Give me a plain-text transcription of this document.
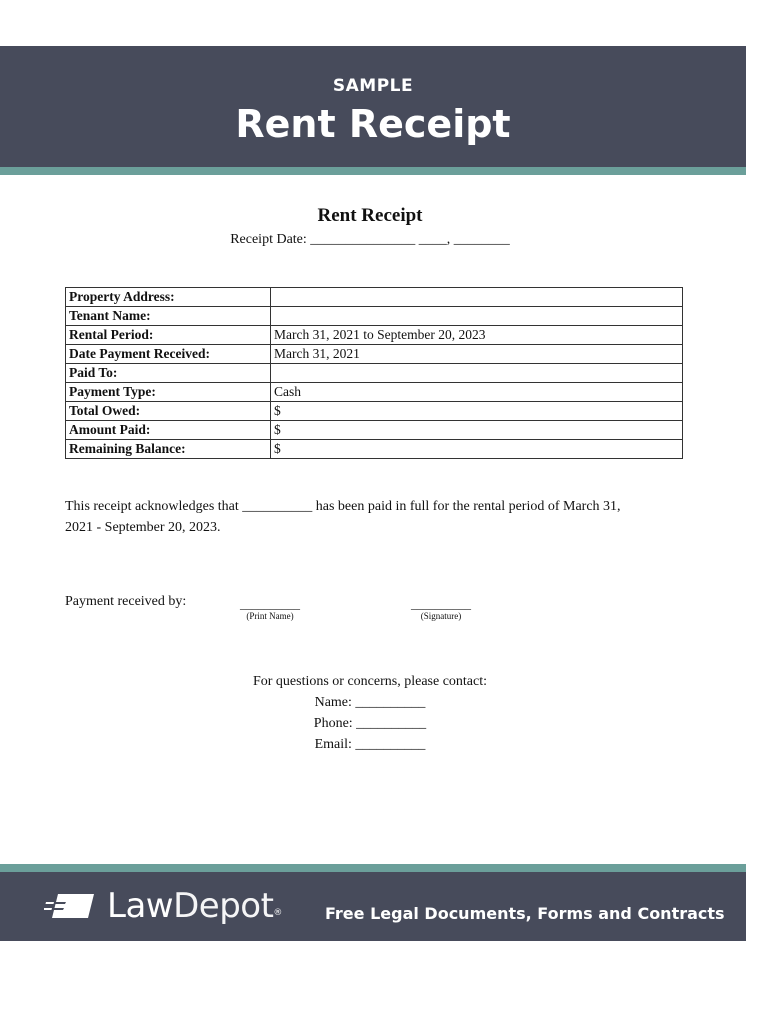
SAMPLE
Rent Receipt
Rent Receipt
Receipt Date: _______________ ____, ________
Property Address:	
Tenant Name:	
Rental Period:	March 31, 2021 to September 20, 2023
Date Payment Received:	March 31, 2021
Paid To:	
Payment Type:	Cash
Total Owed:	$
Amount Paid:	$
Remaining Balance:	$
This receipt acknowledges that __________ has been paid in full for the rental period of March 31,
2021 - September 20, 2023.
Payment received by:	__________
(Print Name)
__________
(Signature)
For questions or concerns, please contact:
Name: __________
Phone: __________
Email: __________
LawDepot®	Free Legal Documents, Forms and Contracts
